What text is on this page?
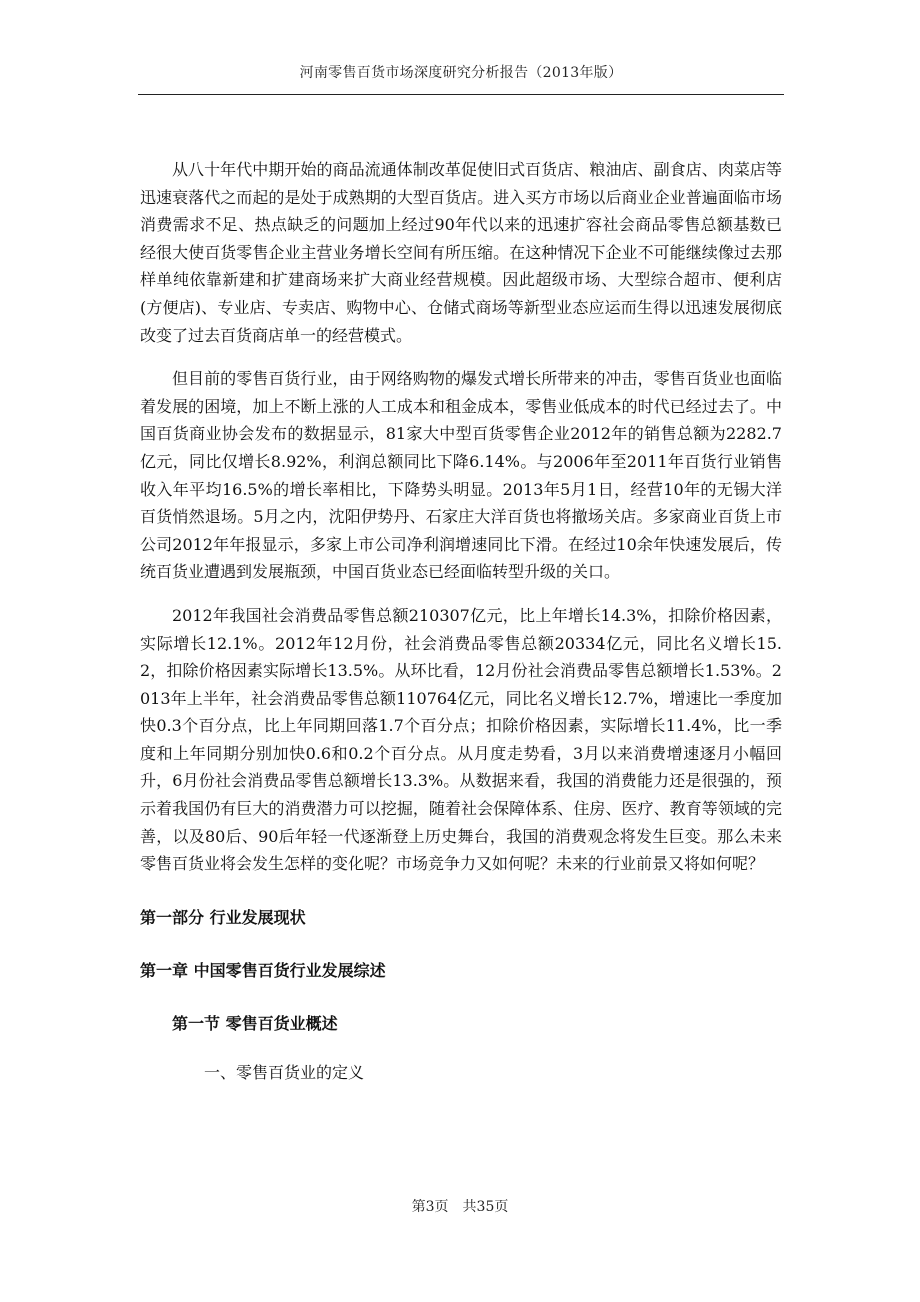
河南零售百货市场深度研究分析报告（2013年版）

从八十年代中期开始的商品流通体制改革促使旧式百货店、粮油店、副食店、肉菜店等迅速衰落代之而起的是处于成熟期的大型百货店。进入买方市场以后商业企业普遍面临市场消费需求不足、热点缺乏的问题加上经过90年代以来的迅速扩容社会商品零售总额基数已经很大使百货零售企业主营业务增长空间有所压缩。在这种情况下企业不可能继续像过去那样单纯依靠新建和扩建商场来扩大商业经营规模。因此超级市场、大型综合超市、便利店(方便店)、专业店、专卖店、购物中心、仓储式商场等新型业态应运而生得以迅速发展彻底改变了过去百货商店单一的经营模式。

但目前的零售百货行业，由于网络购物的爆发式增长所带来的冲击，零售百货业也面临着发展的困境，加上不断上涨的人工成本和租金成本，零售业低成本的时代已经过去了。中国百货商业协会发布的数据显示，81家大中型百货零售企业2012年的销售总额为2282.7亿元，同比仅增长8.92%，利润总额同比下降6.14%。与2006年至2011年百货行业销售收入年平均16.5%的增长率相比，下降势头明显。2013年5月1日，经营10年的无锡大洋百货悄然退场。5月之内，沈阳伊势丹、石家庄大洋百货也将撤场关店。多家商业百货上市公司2012年年报显示，多家上市公司净利润增速同比下滑。在经过10余年快速发展后，传统百货业遭遇到发展瓶颈，中国百货业态已经面临转型升级的关口。

2012年我国社会消费品零售总额210307亿元，比上年增长14.3%，扣除价格因素，实际增长12.1%。2012年12月份，社会消费品零售总额20334亿元，同比名义增长15.2，扣除价格因素实际增长13.5%。从环比看，12月份社会消费品零售总额增长1.53%。2013年上半年，社会消费品零售总额110764亿元，同比名义增长12.7%，增速比一季度加快0.3个百分点，比上年同期回落1.7个百分点；扣除价格因素，实际增长11.4%，比一季度和上年同期分别加快0.6和0.2个百分点。从月度走势看，3月以来消费增速逐月小幅回升，6月份社会消费品零售总额增长13.3%。从数据来看，我国的消费能力还是很强的，预示着我国仍有巨大的消费潜力可以挖掘，随着社会保障体系、住房、医疗、教育等领域的完善，以及80后、90后年轻一代逐渐登上历史舞台，我国的消费观念将发生巨变。那么未来零售百货业将会发生怎样的变化呢？市场竞争力又如何呢？未来的行业前景又将如何呢？

第一部分 行业发展现状
第一章 中国零售百货行业发展综述
第一节 零售百货业概述
一、零售百货业的定义
第3页 共35页
